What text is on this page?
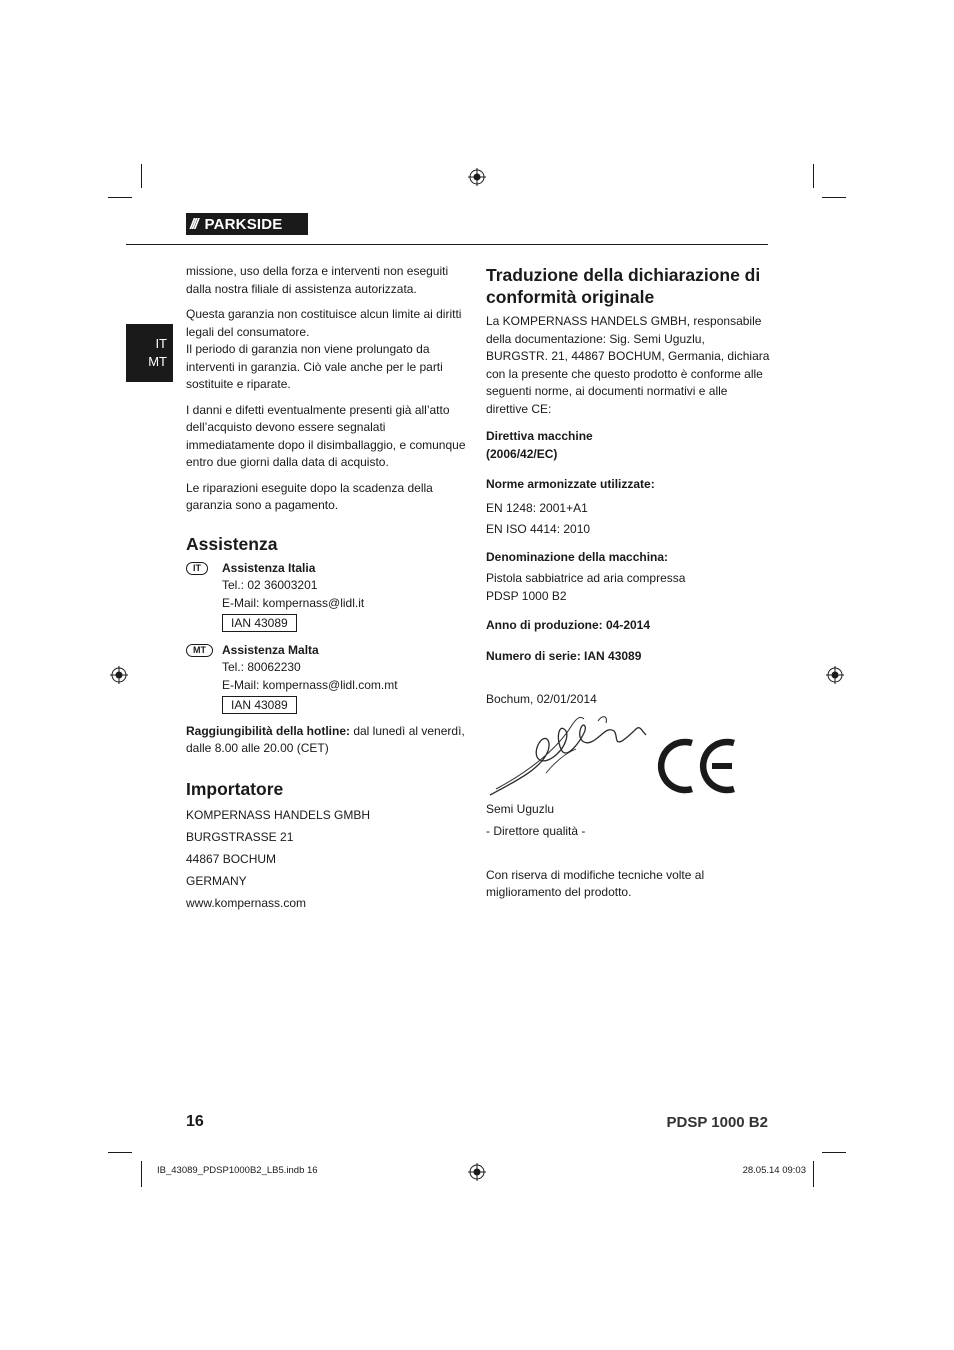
/// PARKSIDE
IT
MT

missione, uso della forza e interventi non eseguiti dalla nostra filiale di assistenza autorizzata.

Questa garanzia non costituisce alcun limite ai diritti legali del consumatore.

Il periodo di garanzia non viene prolungato da interventi in garanzia. Ciò vale anche per le parti sostituite e riparate.

I danni e difetti eventualmente presenti già all’atto dell’acquisto devono essere segnalati immediatamente dopo il disimballaggio, e comunque entro due giorni dalla data di acquisto.

Le riparazioni eseguite dopo la scadenza della garanzia sono a pagamento.

Assistenza
IT	Assistenza Italia
Tel.: 02 36003201
E-Mail: kompernass@lidl.it
IAN 43089
MT	Assistenza Malta
Tel.: 80062230
E-Mail: kompernass@lidl.com.mt
IAN 43089

Raggiungibilità della hotline: dal lunedì al venerdì, dalle 8.00 alle 20.00 (CET)

Importatore
KOMPERNASS HANDELS GMBH
BURGSTRASSE 21
44867 BOCHUM
GERMANY
www.kompernass.com
Traduzione della dichiarazione di conformità originale

La KOMPERNASS HANDELS GMBH, responsabile della documentazione: Sig. Semi Uguzlu, BURGSTR. 21, 44867 BOCHUM, Germania, dichiara con la presente che questo prodotto è conforme alle seguenti norme, ai documenti normativi e alle direttive CE:

Direttiva macchine
(2006/42/EC)
Norme armonizzate utilizzate:
EN 1248: 2001+A1
EN ISO 4414: 2010
Denominazione della macchina:
Pistola sabbiatrice ad aria compressa
PDSP 1000 B2
Anno di produzione: 04-2014
Numero di serie: IAN 43089
Bochum, 02/01/2014
Semi Uguzlu
- Direttore qualità -

Con riserva di modifiche tecniche volte al miglioramento del prodotto.

16	PDSP 1000 B2
IB_43089_PDSP1000B2_LB5.indb 16	28.05.14 09:03
